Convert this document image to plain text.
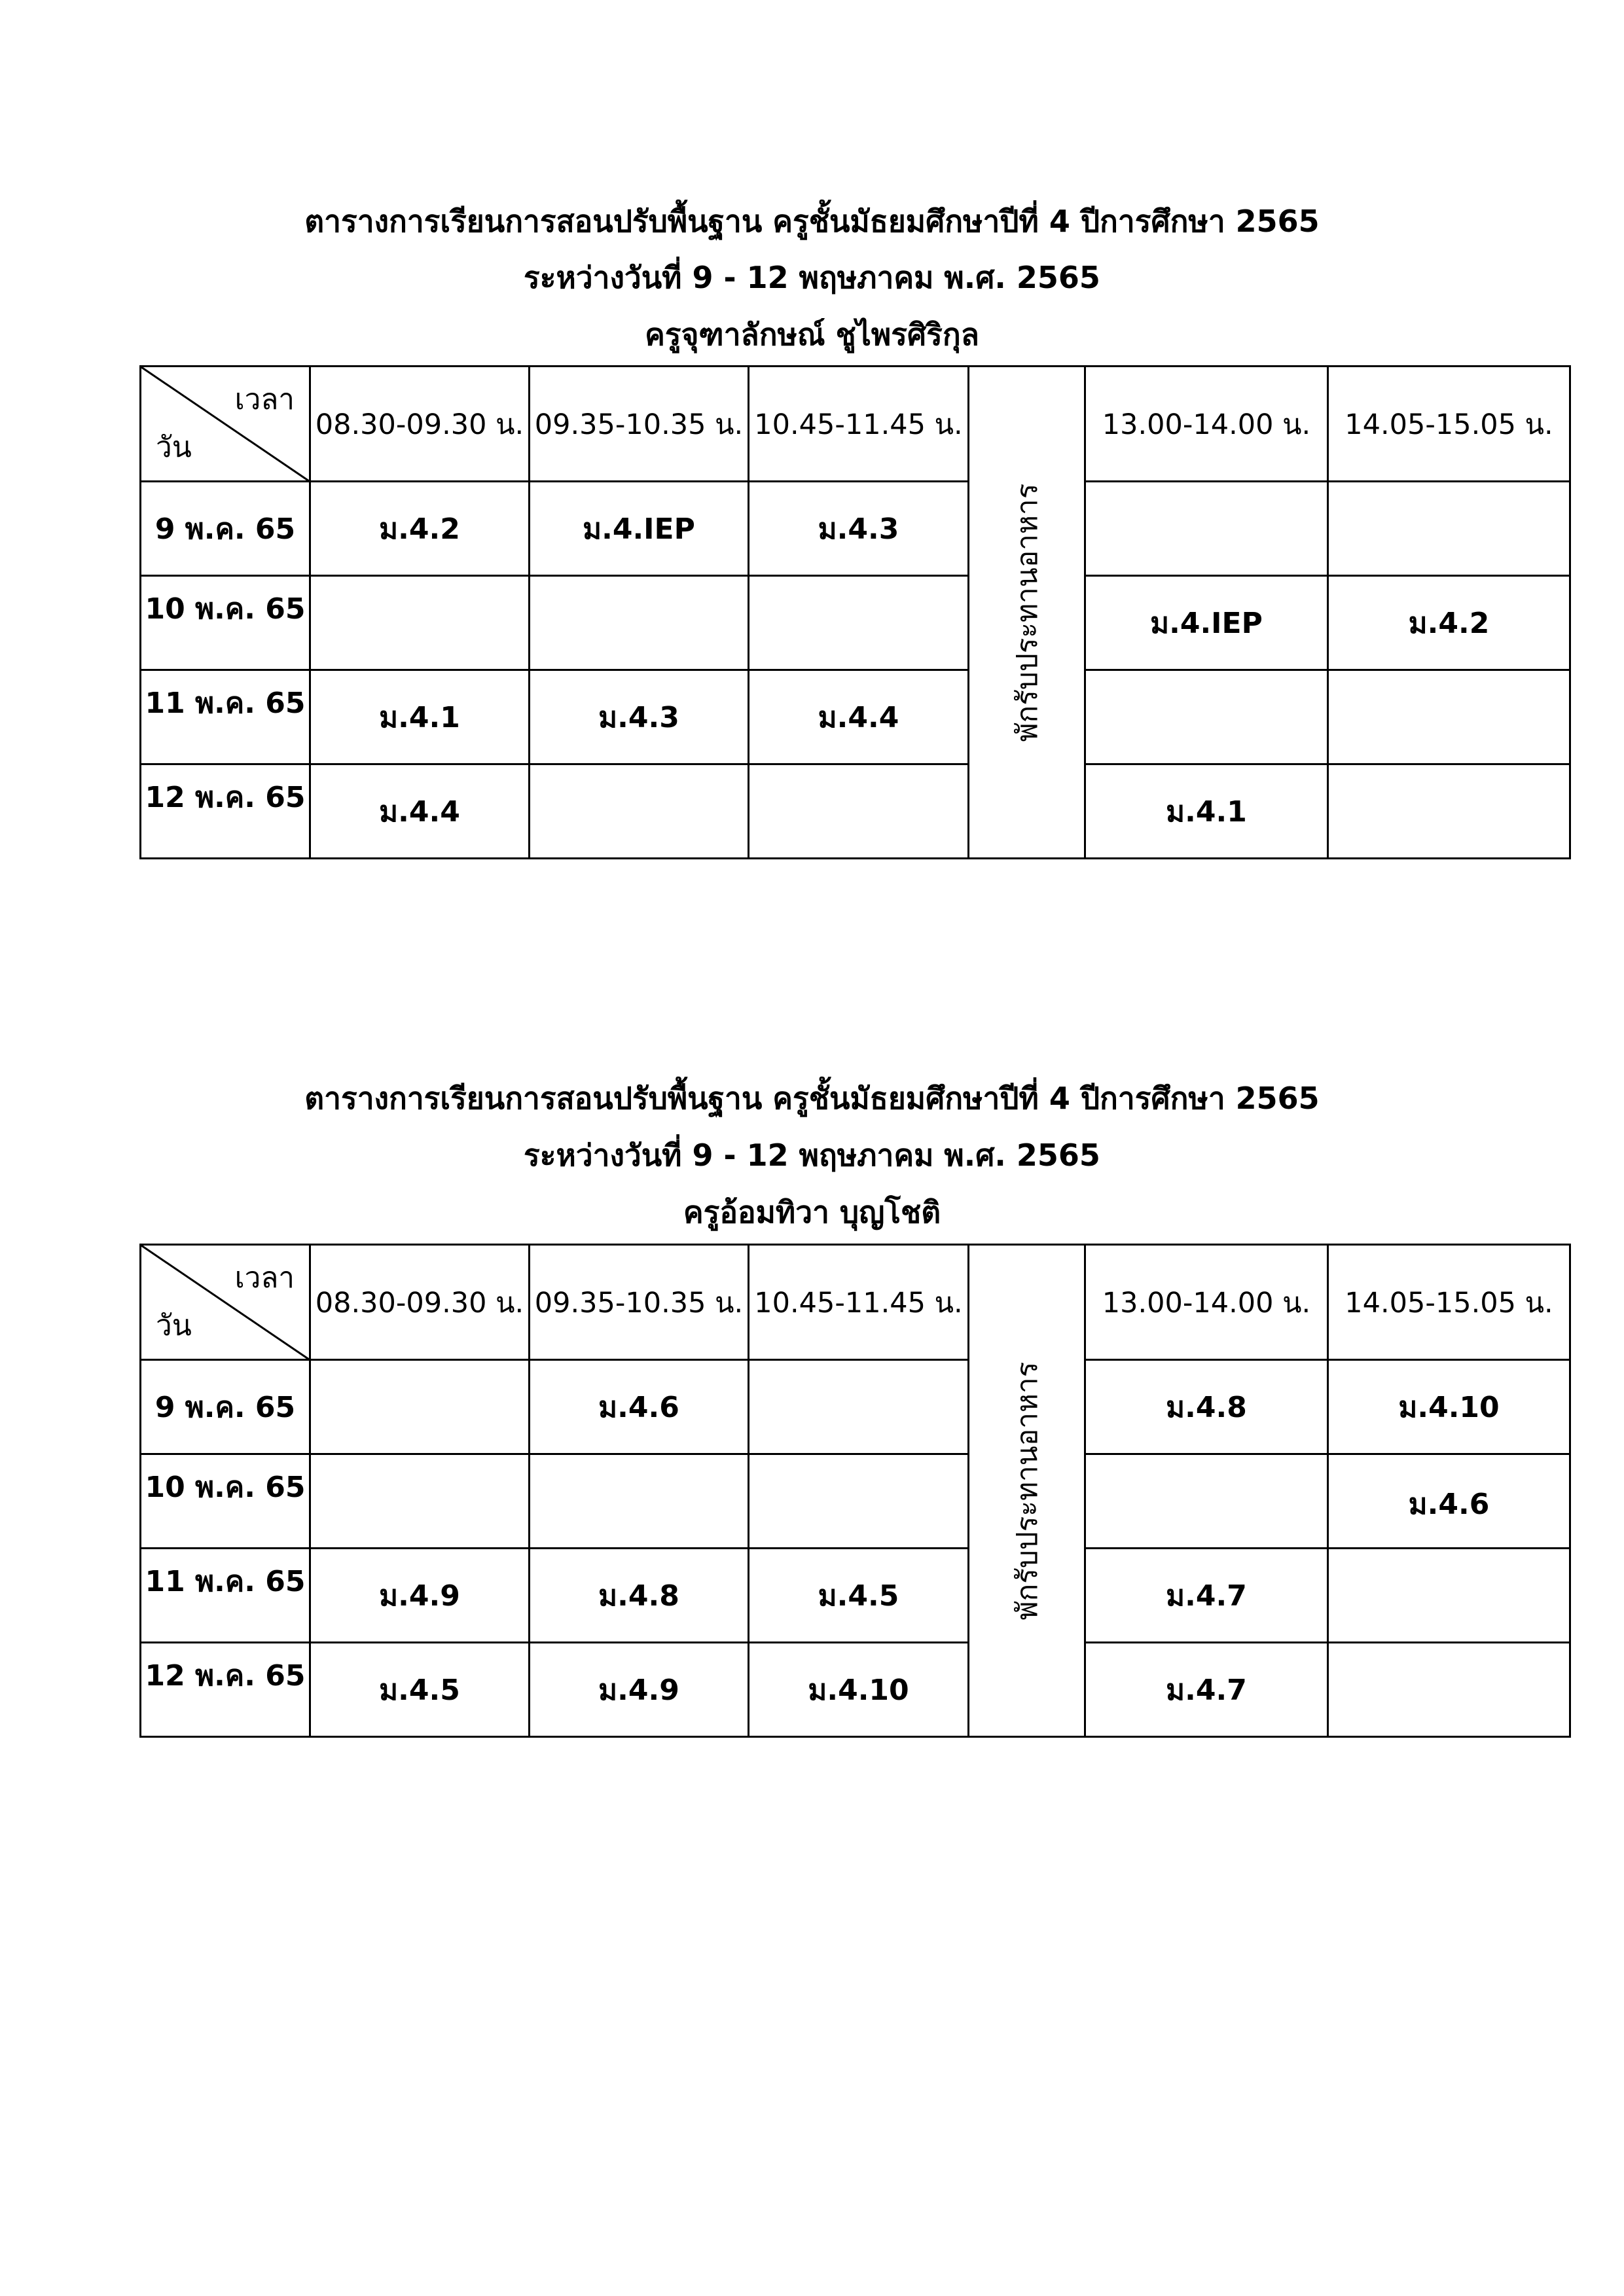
ตารางการเรียนการสอนปรับพื้นฐาน ครูชั้นมัธยมศึกษาปีที่ 4 ปีการศึกษา 2565
ระหว่างวันที่ 9 - 12 พฤษภาคม พ.ศ. 2565
ครูจุฑาลักษณ์ ชูไพรศิริกุล
เวลา
วัน	08.30-09.30 น.	09.35-10.35 น.	10.45-11.45 น.	พักรับประทานอาหาร	13.00-14.00 น.	14.05-15.05 น.
9 พ.ค. 65	ม.4.2	ม.4.IEP	ม.4.3			
10 พ.ค. 65					ม.4.IEP	ม.4.2
11 พ.ค. 65	ม.4.1	ม.4.3	ม.4.4			
12 พ.ค. 65	ม.4.4				ม.4.1	
ตารางการเรียนการสอนปรับพื้นฐาน ครูชั้นมัธยมศึกษาปีที่ 4 ปีการศึกษา 2565
ระหว่างวันที่ 9 - 12 พฤษภาคม พ.ศ. 2565
ครูอ้อมทิวา บุญโชติ
เวลา
วัน	08.30-09.30 น.	09.35-10.35 น.	10.45-11.45 น.	พักรับประทานอาหาร	13.00-14.00 น.	14.05-15.05 น.
9 พ.ค. 65		ม.4.6			ม.4.8	ม.4.10
10 พ.ค. 65						ม.4.6
11 พ.ค. 65	ม.4.9	ม.4.8	ม.4.5		ม.4.7	
12 พ.ค. 65	ม.4.5	ม.4.9	ม.4.10		ม.4.7	
